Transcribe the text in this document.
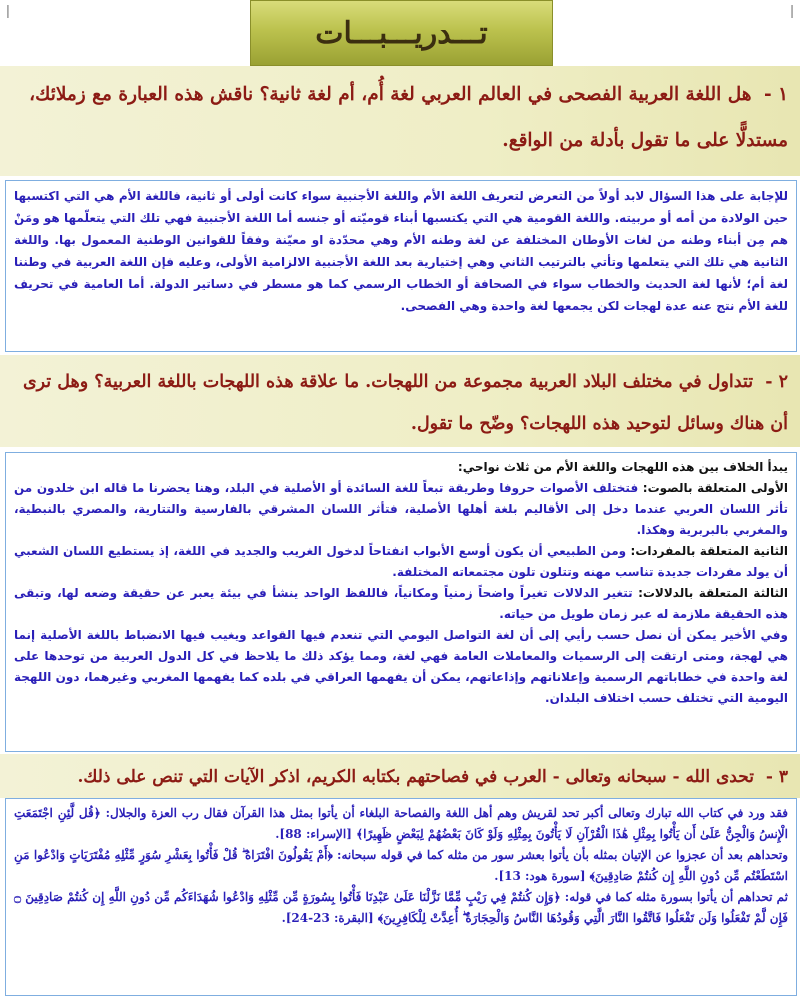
ǀ
ǀ
تـــدريـــبـــات
١ - هل اللغة العربية الفصحى في العالم العربي لغة أُم، أم لغة ثانية؟ ناقش هذه العبارة مع زملائك، مستدلًّا على ما تقول بأدلة من الواقع.
للإجابة على هذا السؤال لابد أولاً من التعرض لتعريف اللغة الأم واللغة الأجنبية سواء كانت أولى أو ثانية، فاللغة الأم هي التي اكتسبها حين الولادة من أمه أو مربيته. واللغة القومية هي التي يكتسبها أبناء قوميّته أو جنسه أما اللغة الأجنبية فهي تلك التي يتعلّمها هو ومَنْ هم مِن أبناء وطنه من لغات الأوطان المختلفة عن لغة وطنه الأم وهي محدّدة او معيّنة وفقاً للقوانين الوطنية المعمول بها. واللغة الثانية هي تلك التي يتعلمها وتأتي بالترتيب الثاني وهي إختيارية بعد اللغة الأجنبية الالزامية الأولى، وعليه فإن اللغة العربية في وطننا لغة أم؛ لأنها لغة الحديث والخطاب سواء في الصحافة أو الخطاب الرسمي كما هو مسطر في دساتير الدولة. أما العامية في تحريف للغة الأم نتج عنه عدة لهجات لكن يجمعها لغة واحدة وهي الفصحى.
٢ - تتداول في مختلف البلاد العربية مجموعة من اللهجات. ما علاقة هذه اللهجات باللغة العربية؟ وهل ترى أن هناك وسائل لتوحيد هذه اللهجات؟ وضّح ما تقول.

يبدأ الخلاف بين هذه اللهجات واللغة الأم من ثلاث نواحي:

الأولى المتعلقة بالصوت: فتختلف الأصوات حروفا وطريقة تبعاً للغة السائدة أو الأصلية في البلد، وهنا يحضرنا ما قاله ابن خلدون من تأثر اللسان العربي عندما دخل إلى الأقاليم بلغة أهلها الأصلية، فتأثر اللسان المشرقي بالفارسية والتتارية، والمصري بالنبطية، والمغربي بالبربرية وهكذا.

الثانية المتعلقة بالمفردات: ومن الطبيعي أن يكون أوسع الأبواب انفتاحاً لدخول الغريب والجديد في اللغة، إذ يستطيع اللسان الشعبي أن يولد مفردات جديدة تناسب مهنه وتتلون تلون مجتمعاته المختلفة.

الثالثة المتعلقة بالدلالات: تتغير الدلالات تغيراً واضحاً زمنياً ومكانياً، فاللفظ الواحد ينشأ في بيئة يعبر عن حقيقة وضعه لها، وتبقى هذه الحقيقة ملازمة له عبر زمان طويل من حياته.

وفي الأخير يمكن أن نصل حسب رأيي إلى أن لغة التواصل اليومي التي تنعدم فيها القواعد ويغيب فيها الانضباط باللغة الأصلية إنما هي لهجة، ومتى ارتقت إلى الرسميات والمعاملات العامة فهي لغة، ومما يؤكد ذلك ما يلاحظ في كل الدول العربية من توحدها على لغة واحدة في خطاباتهم الرسمية وإعلاناتهم وإذاعاتهم، يمكن أن يفهمها العراقي في بلده كما يفهمها المغربي وغيرهما، دون اللهجة اليومية التي تختلف حسب اختلاف البلدان.

٣ - تحدى الله - سبحانه وتعالى - العرب في فصاحتهم بكتابه الكريم، اذكر الآيات التي تنص على ذلك.

فقد ورد في كتاب الله تبارك وتعالى أكبر تحد لقريش وهم أهل اللغة والفصاحة البلغاء أن يأتوا بمثل هذا القرآن فقال رب العزة والجلال: ﴿قُل لَّئِنِ اجْتَمَعَتِ الْإِنسُ وَالْجِنُّ عَلَىٰ أَن يَأْتُوا بِمِثْلِ هَٰذَا الْقُرْآنِ لَا يَأْتُونَ بِمِثْلِهِ وَلَوْ كَانَ بَعْضُهُمْ لِبَعْضٍ ظَهِيرًا﴾ [الإسراء: 88].

وتحداهم بعد أن عجزوا عن الإتيان بمثله بأن يأتوا بعشر سور من مثله كما في قوله سبحانه: ﴿أَمْ يَقُولُونَ افْتَرَاهُ ۖ قُلْ فَأْتُوا بِعَشْرِ سُوَرٍ مِّثْلِهِ مُفْتَرَيَاتٍ وَادْعُوا مَنِ اسْتَطَعْتُم مِّن دُونِ اللَّهِ إِن كُنتُمْ صَادِقِينَ﴾ [سورة هود: 13].

ثم تحداهم أن يأتوا بسورة مثله كما في قوله: ﴿وَإِن كُنتُمْ فِي رَيْبٍ مِّمَّا نَزَّلْنَا عَلَىٰ عَبْدِنَا فَأْتُوا بِسُورَةٍ مِّن مِّثْلِهِ وَادْعُوا شُهَدَاءَكُم مِّن دُونِ اللَّهِ إِن كُنتُمْ صَادِقِينَ ۝ فَإِن لَّمْ تَفْعَلُوا وَلَن تَفْعَلُوا فَاتَّقُوا النَّارَ الَّتِي وَقُودُهَا النَّاسُ وَالْحِجَارَةُ ۖ أُعِدَّتْ لِلْكَافِرِينَ﴾ [البقرة: 23-24].
